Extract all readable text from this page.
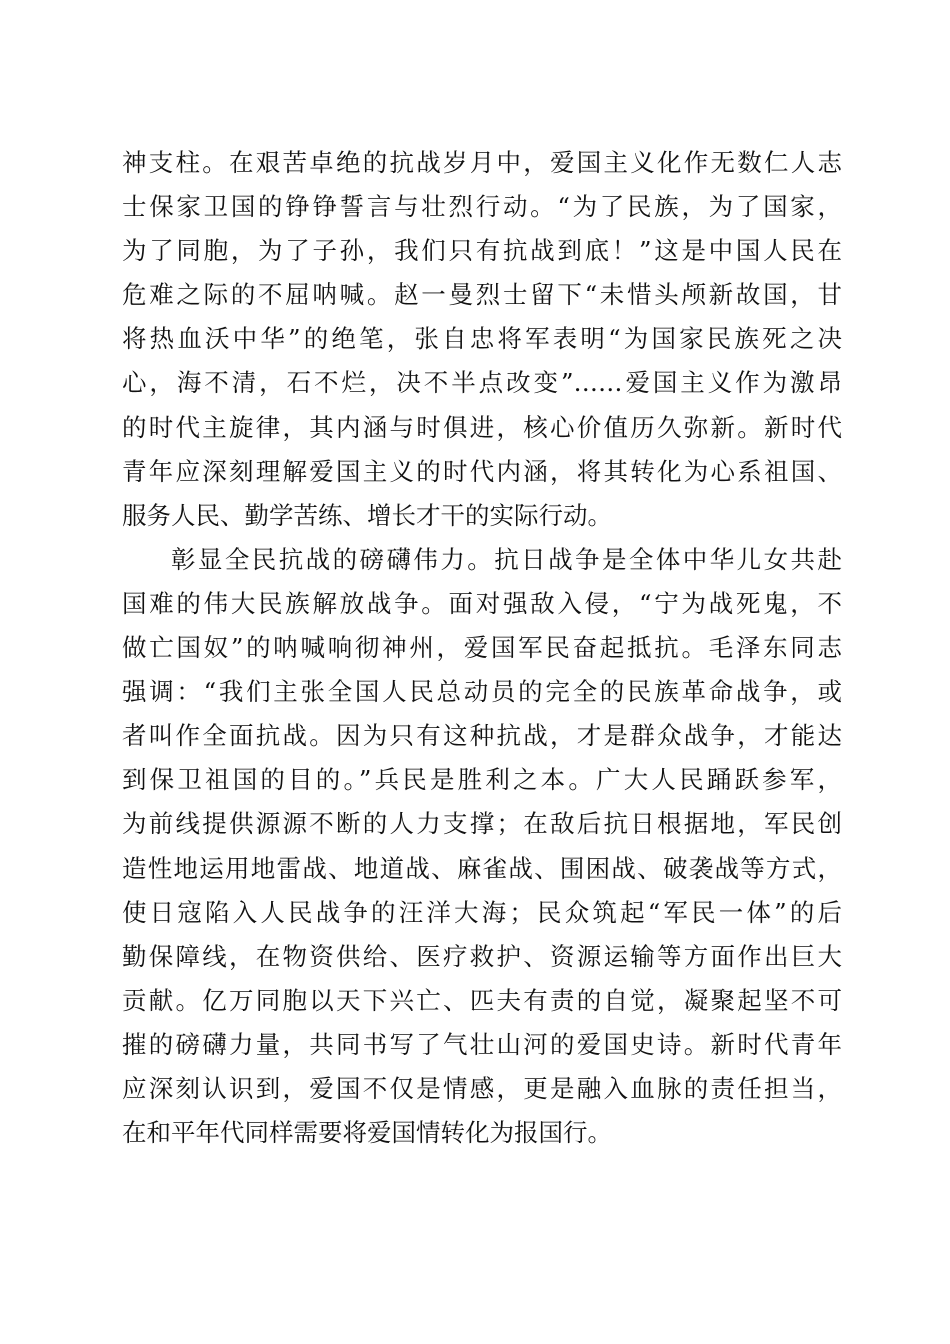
神支柱。在艰苦卓绝的抗战岁月中，爱国主义化作无数仁人志
士保家卫国的铮铮誓言与壮烈行动。“为了民族，为了国家，
为了同胞，为了子孙，我们只有抗战到底！”这是中国人民在
危难之际的不屈呐喊。赵一曼烈士留下“未惜头颅新故国，甘
将热血沃中华”的绝笔，张自忠将军表明“为国家民族死之决
心，海不清，石不烂，决不半点改变”……爱国主义作为激昂
的时代主旋律，其内涵与时俱进，核心价值历久弥新。新时代
青年应深刻理解爱国主义的时代内涵，将其转化为心系祖国、
服务人民、勤学苦练、增长才干的实际行动。
彰显全民抗战的磅礴伟力。抗日战争是全体中华儿女共赴
国难的伟大民族解放战争。面对强敌入侵，“宁为战死鬼，不
做亡国奴”的呐喊响彻神州，爱国军民奋起抵抗。毛泽东同志
强调：“我们主张全国人民总动员的完全的民族革命战争，或
者叫作全面抗战。因为只有这种抗战，才是群众战争，才能达
到保卫祖国的目的。”兵民是胜利之本。广大人民踊跃参军，
为前线提供源源不断的人力支撑；在敌后抗日根据地，军民创
造性地运用地雷战、地道战、麻雀战、围困战、破袭战等方式，
使日寇陷入人民战争的汪洋大海；民众筑起“军民一体”的后
勤保障线，在物资供给、医疗救护、资源运输等方面作出巨大
贡献。亿万同胞以天下兴亡、匹夫有责的自觉，凝聚起坚不可
摧的磅礴力量，共同书写了气壮山河的爱国史诗。新时代青年
应深刻认识到，爱国不仅是情感，更是融入血脉的责任担当，
在和平年代同样需要将爱国情转化为报国行。
